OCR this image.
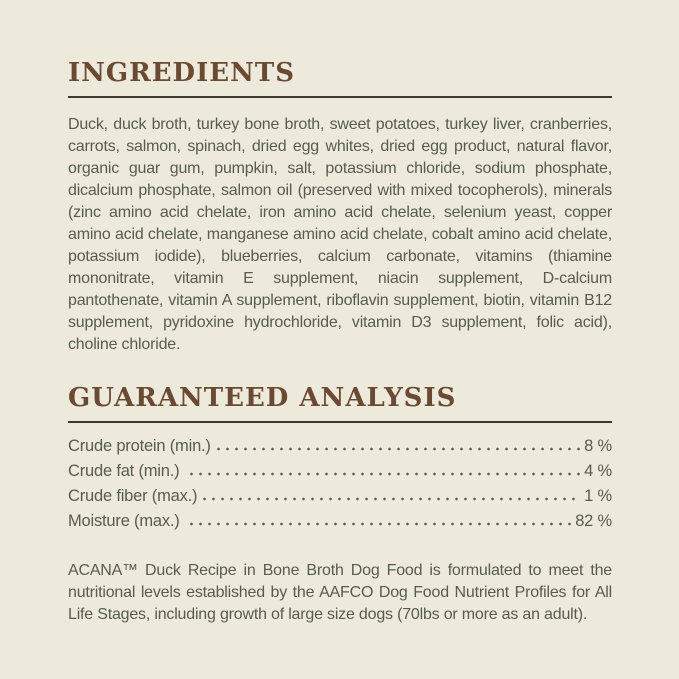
INGREDIENTS

Duck, duck broth, turkey bone broth, sweet potatoes, turkey liver, cranberries, carrots, salmon, spinach, dried egg whites, dried egg product, natural flavor, organic guar gum, pumpkin, salt, potassium chloride, sodium phosphate, dicalcium phosphate, salmon oil (preserved with mixed tocopherols), minerals (zinc amino acid chelate, iron amino acid chelate, selenium yeast, copper amino acid chelate, manganese amino acid chelate, cobalt amino acid chelate, potassium iodide), blueberries, calcium carbonate, vitamins (thiamine mononitrate, vitamin E supplement, niacin supplement, D-calcium pantothenate, vitamin A supplement, riboflavin supplement, biotin, vitamin B12 supplement, pyridoxine hydrochloride, vitamin D3 supplement, folic acid), choline chloride.

GUARANTEED ANALYSIS
Crude protein (min.)	8 %
Crude fat (min.)	4 %
Crude fiber (max.)	1 %
Moisture (max.)	82 %

ACANA™ Duck Recipe in Bone Broth Dog Food is formulated to meet the nutritional levels established by the AAFCO Dog Food Nutrient Profiles for All Life Stages, including growth of large size dogs (70lbs or more as an adult).
